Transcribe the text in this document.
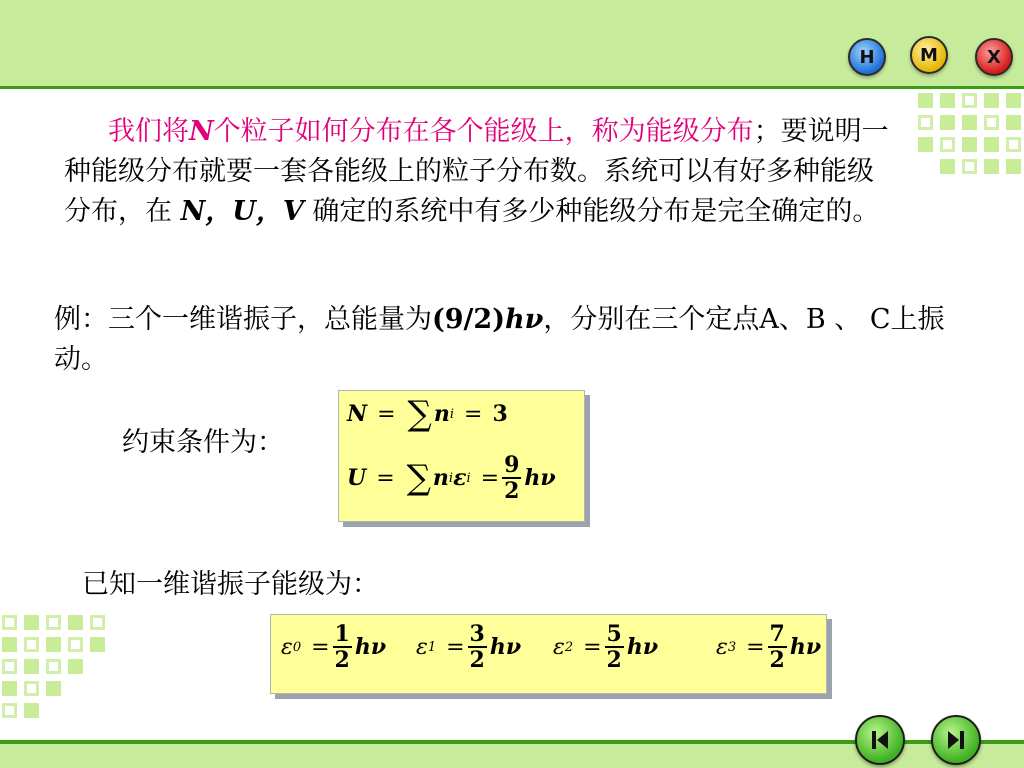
H	M	X
我们将N个粒子如何分布在各个能级上，称为能级分布；要说明一种能级分布就要一套各能级上的粒子分布数。系统可以有好多种能级分布，在 N，U，V 确定的系统中有多少种能级分布是完全确定的。
例：三个一维谐振子，总能量为(9/2)hν，分别在三个定点A、B 、 C上振动。
约束条件为：
N = ∑ n i = 3
U = ∑ n i ε $i = \frac{9}{2}$ hν
已知一维谐振子能级为：
ε $0 = \frac{1}{2}$ hν ε $1 = \frac{3}{2}$ hν ε $2 = \frac{5}{2}$ hν	ε $3 = \frac{7}{2}$ hν
